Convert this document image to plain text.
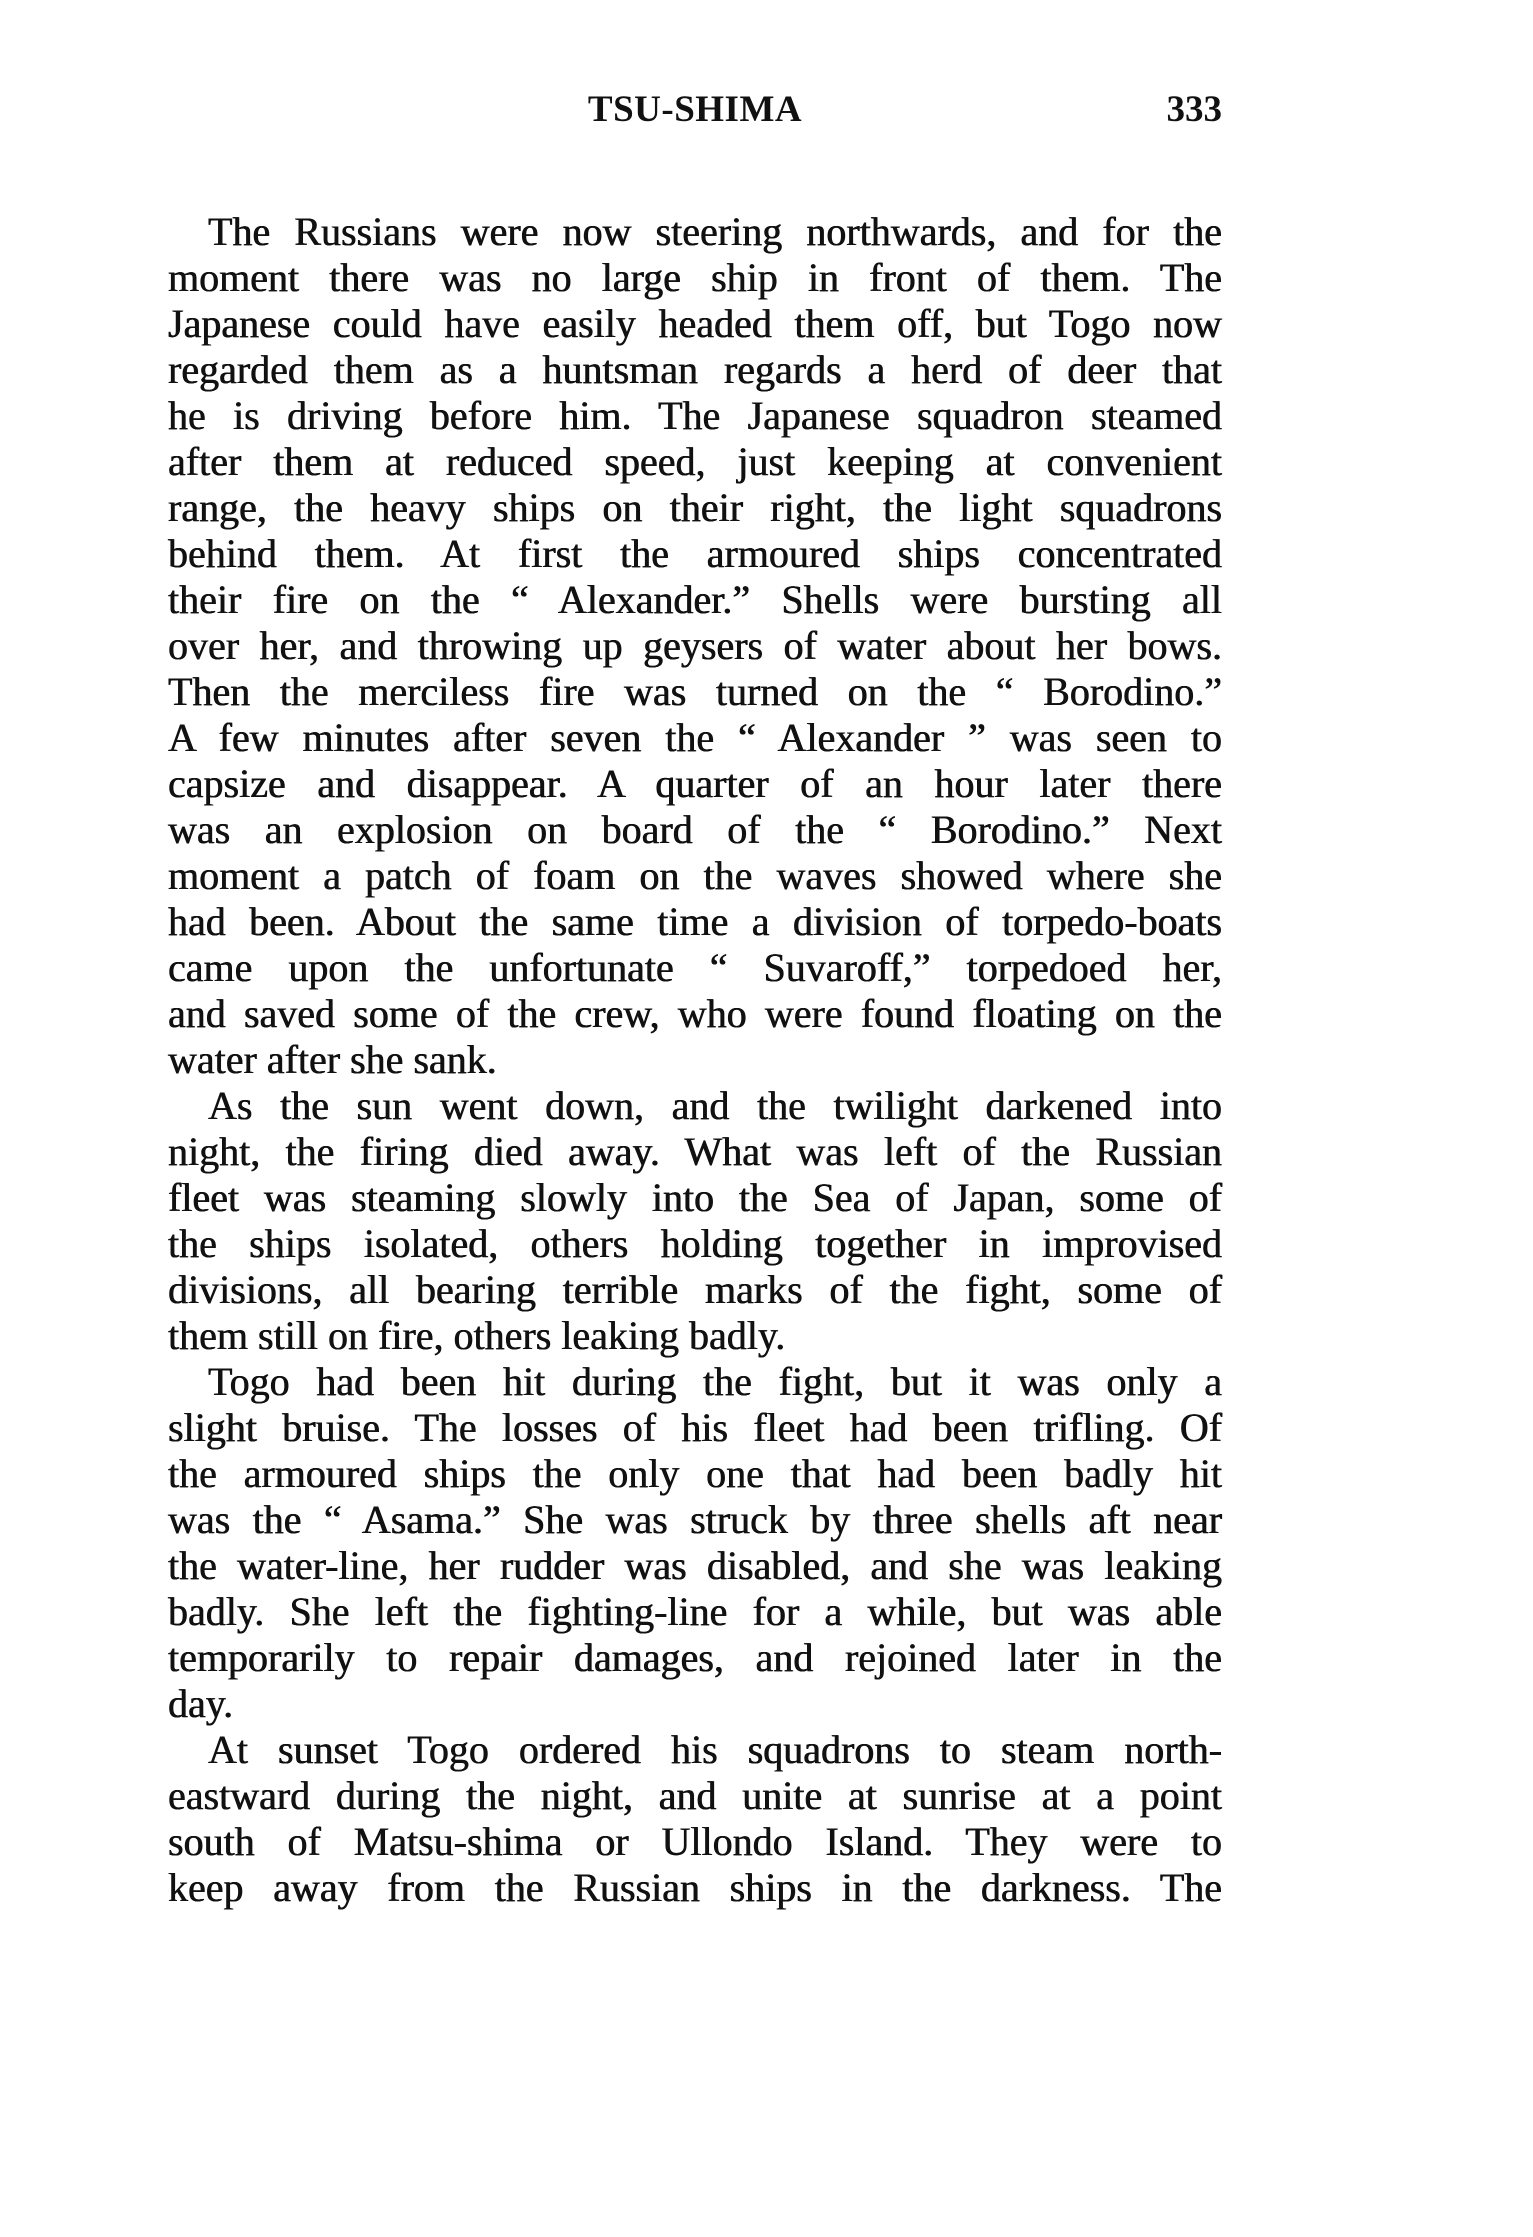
TSU-SHIMA	333
The Russians were now steering northwards, and for the
moment there was no large ship in front of them. The
Japanese could have easily headed them off, but Togo now
regarded them as a huntsman regards a herd of deer that
he is driving before him. The Japanese squadron steamed
after them at reduced speed, just keeping at convenient
range, the heavy ships on their right, the light squadrons
behind them. At first the armoured ships concentrated
their fire on the “ Alexander.” Shells were bursting all
over her, and throwing up geysers of water about her bows.
Then the merciless fire was turned on the “ Borodino.”
A few minutes after seven the “ Alexander ” was seen to
capsize and disappear. A quarter of an hour later there
was an explosion on board of the “ Borodino.” Next
moment a patch of foam on the waves showed where she
had been. About the same time a division of torpedo-boats
came upon the unfortunate “ Suvaroff,” torpedoed her,
and saved some of the crew, who were found floating on the
water after she sank.
As the sun went down, and the twilight darkened into
night, the firing died away. What was left of the Russian
fleet was steaming slowly into the Sea of Japan, some of
the ships isolated, others holding together in improvised
divisions, all bearing terrible marks of the fight, some of
them still on fire, others leaking badly.
Togo had been hit during the fight, but it was only a
slight bruise. The losses of his fleet had been trifling. Of
the armoured ships the only one that had been badly hit
was the “ Asama.” She was struck by three shells aft near
the water-line, her rudder was disabled, and she was leaking
badly. She left the fighting-line for a while, but was able
temporarily to repair damages, and rejoined later in the
day.
At sunset Togo ordered his squadrons to steam north-
eastward during the night, and unite at sunrise at a point
south of Matsu-shima or Ullondo Island. They were to
keep away from the Russian ships in the darkness. The
